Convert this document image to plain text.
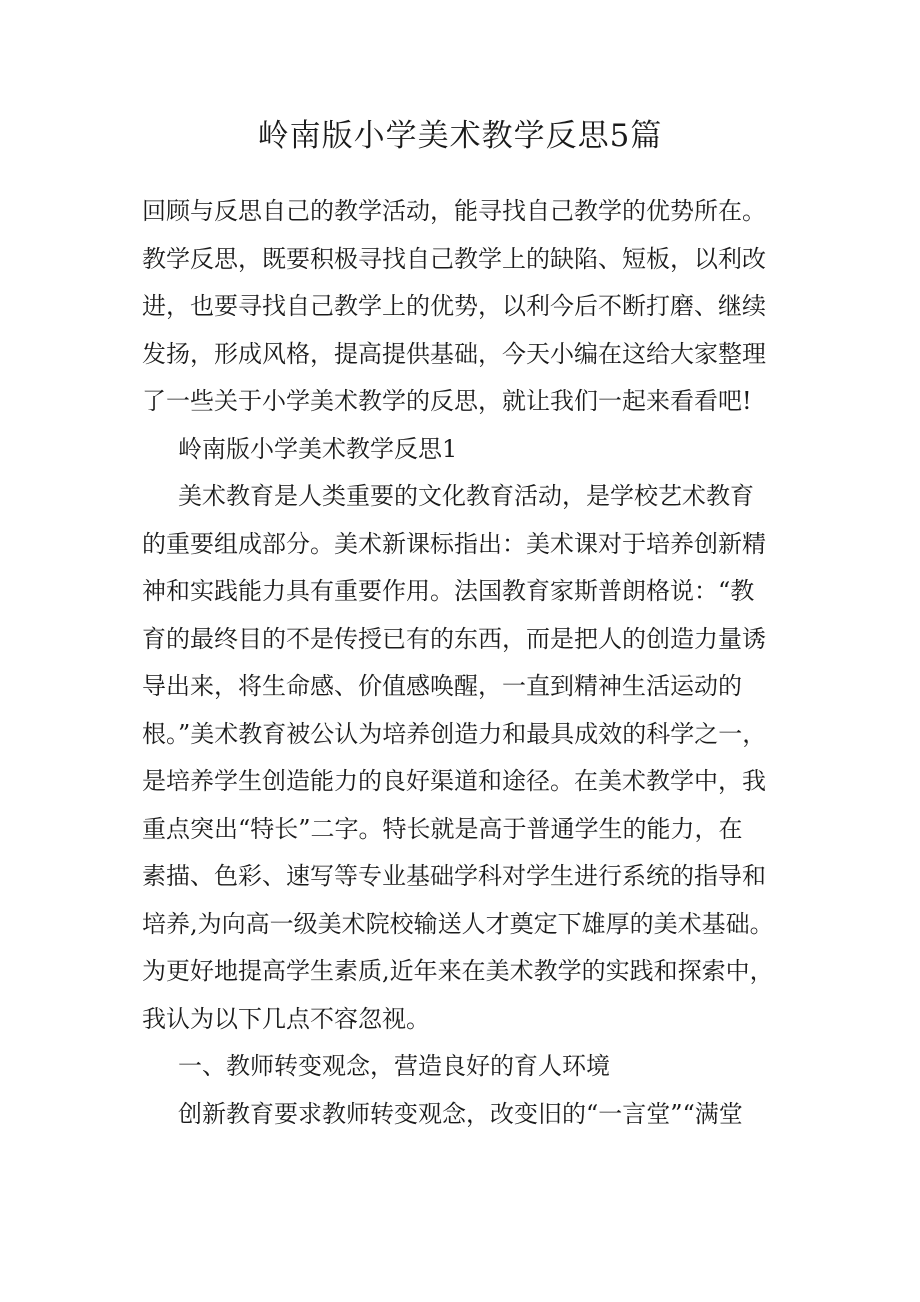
岭南版小学美术教学反思5篇
回顾与反思自己的教学活动，能寻找自己教学的优势所在。
教学反思，既要积极寻找自己教学上的缺陷、短板，以利改
进，也要寻找自己教学上的优势，以利今后不断打磨、继续
发扬，形成风格，提高提供基础，今天小编在这给大家整理
了一些关于小学美术教学的反思，就让我们一起来看看吧!
岭南版小学美术教学反思1
美术教育是人类重要的文化教育活动，是学校艺术教育
的重要组成部分。美术新课标指出：美术课对于培养创新精
神和实践能力具有重要作用。法国教育家斯普朗格说：“教
育的最终目的不是传授已有的东西，而是把人的创造力量诱
导出来，将生命感、价值感唤醒，一直到精神生活运动的
根。”美术教育被公认为培养创造力和最具成效的科学之一，
是培养学生创造能力的良好渠道和途径。在美术教学中，我
重点突出“特长”二字。特长就是高于普通学生的能力，在
素描、色彩、速写等专业基础学科对学生进行系统的指导和
培养,为向高一级美术院校输送人才奠定下雄厚的美术基础。
为更好地提高学生素质,近年来在美术教学的实践和探索中，
我认为以下几点不容忽视。
一、教师转变观念，营造良好的育人环境
创新教育要求教师转变观念，改变旧的“一言堂”“满堂
